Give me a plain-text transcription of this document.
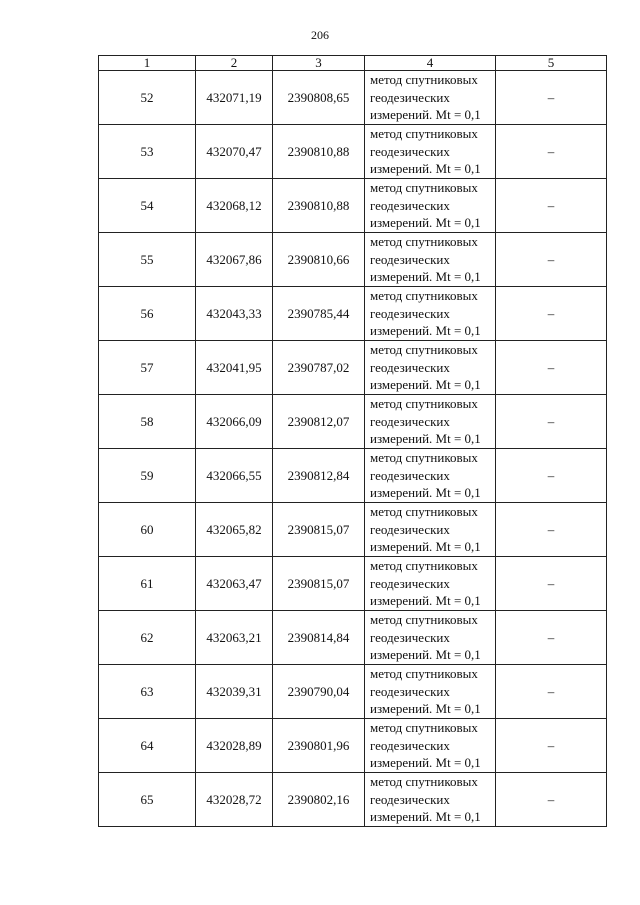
206
1	2	3	4	5
52	432071,19	2390808,65	метод спутниковых
геодезических
измерений. Mt = 0,1	–
53	432070,47	2390810,88	метод спутниковых
геодезических
измерений. Mt = 0,1	–
54	432068,12	2390810,88	метод спутниковых
геодезических
измерений. Mt = 0,1	–
55	432067,86	2390810,66	метод спутниковых
геодезических
измерений. Mt = 0,1	–
56	432043,33	2390785,44	метод спутниковых
геодезических
измерений. Mt = 0,1	–
57	432041,95	2390787,02	метод спутниковых
геодезических
измерений. Mt = 0,1	–
58	432066,09	2390812,07	метод спутниковых
геодезических
измерений. Mt = 0,1	–
59	432066,55	2390812,84	метод спутниковых
геодезических
измерений. Mt = 0,1	–
60	432065,82	2390815,07	метод спутниковых
геодезических
измерений. Mt = 0,1	–
61	432063,47	2390815,07	метод спутниковых
геодезических
измерений. Mt = 0,1	–
62	432063,21	2390814,84	метод спутниковых
геодезических
измерений. Mt = 0,1	–
63	432039,31	2390790,04	метод спутниковых
геодезических
измерений. Mt = 0,1	–
64	432028,89	2390801,96	метод спутниковых
геодезических
измерений. Mt = 0,1	–
65	432028,72	2390802,16	метод спутниковых
геодезических
измерений. Mt = 0,1	–
